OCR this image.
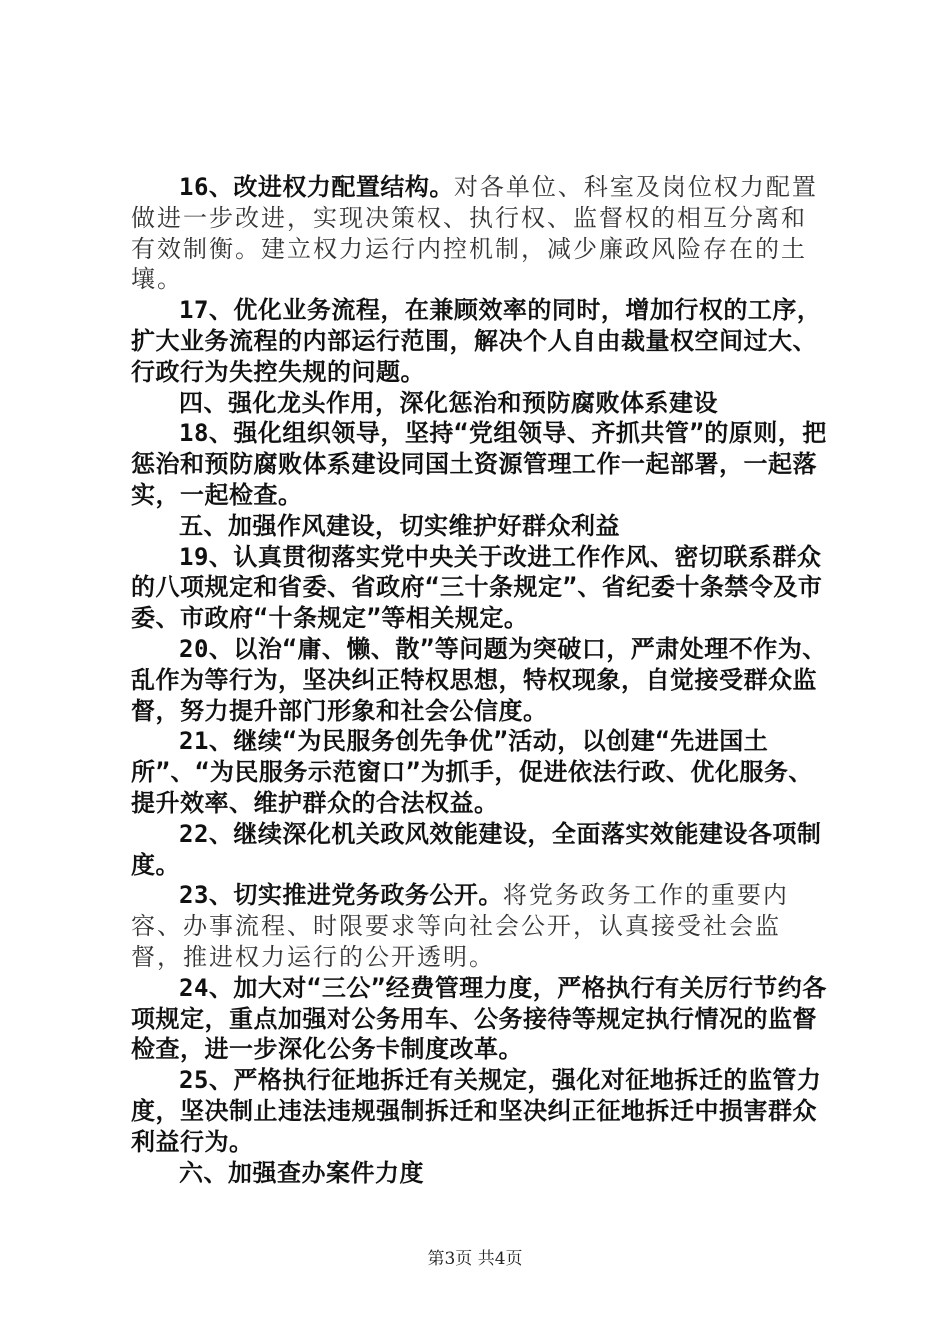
16、改进权力配置结构。对各单位、科室及岗位权力配置做进一步改进，实现决策权、执行权、监督权的相互分离和有效制衡。建立权力运行内控机制，减少廉政风险存在的土壤。

17、优化业务流程，在兼顾效率的同时，增加行权的工序，扩大业务流程的内部运行范围，解决个人自由裁量权空间过大、行政行为失控失规的问题。

四、强化龙头作用，深化惩治和预防腐败体系建设

18、强化组织领导，坚持“党组领导、齐抓共管”的原则，把惩治和预防腐败体系建设同国土资源管理工作一起部署，一起落实，一起检查。

五、加强作风建设，切实维护好群众利益

19、认真贯彻落实党中央关于改进工作作风、密切联系群众的八项规定和省委、省政府“三十条规定”、省纪委十条禁令及市委、市政府“十条规定”等相关规定。

20、以治“庸、懒、散”等问题为突破口，严肃处理不作为、乱作为等行为，坚决纠正特权思想，特权现象，自觉接受群众监督，努力提升部门形象和社会公信度。

21、继续“为民服务创先争优”活动，以创建“先进国土所”、“为民服务示范窗口”为抓手，促进依法行政、优化服务、提升效率、维护群众的合法权益。

22、继续深化机关政风效能建设，全面落实效能建设各项制度。

23、切实推进党务政务公开。将党务政务工作的重要内容、办事流程、时限要求等向社会公开，认真接受社会监督，推进权力运行的公开透明。

24、加大对“三公”经费管理力度，严格执行有关厉行节约各项规定，重点加强对公务用车、公务接待等规定执行情况的监督检查，进一步深化公务卡制度改革。

25、严格执行征地拆迁有关规定，强化对征地拆迁的监管力度，坚决制止违法违规强制拆迁和坚决纠正征地拆迁中损害群众利益行为。

六、加强查办案件力度

第3页 共4页
